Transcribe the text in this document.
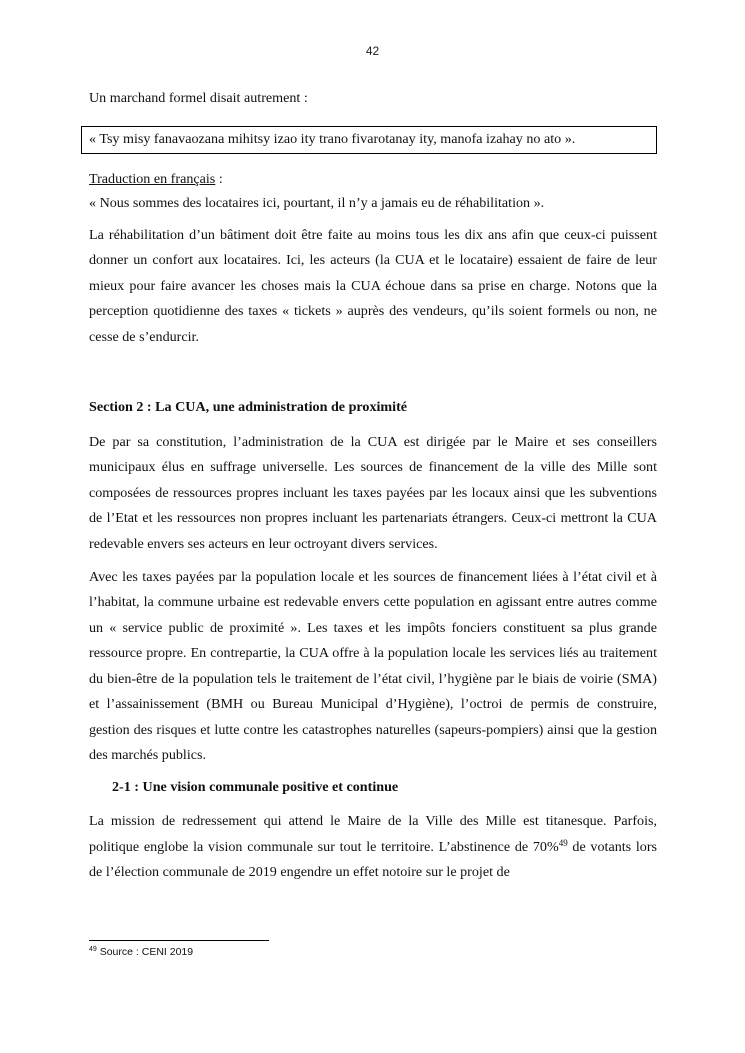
42

Un marchand formel disait autrement :

« Tsy misy fanavaozana mihitsy izao ity trano fivarotanay ity, manofa izahay no ato ».

Traduction en français :

« Nous sommes des locataires ici, pourtant, il n’y a jamais eu de réhabilitation ».

La réhabilitation d’un bâtiment doit être faite au moins tous les dix ans afin que ceux-ci puissent donner un confort aux locataires. Ici, les acteurs (la CUA et le locataire) essaient de faire de leur mieux pour faire avancer les choses mais la CUA échoue dans sa prise en charge. Notons que la perception quotidienne des taxes « tickets » auprès des vendeurs, qu’ils soient formels ou non, ne cesse de s’endurcir.

Section 2 : La CUA, une administration de proximité

De par sa constitution, l’administration de la CUA est dirigée par le Maire et ses conseillers municipaux élus en suffrage universelle. Les sources de financement de la ville des Mille sont composées de ressources propres incluant les taxes payées par les locaux ainsi que les subventions de l’Etat et les ressources non propres incluant les partenariats étrangers. Ceux-ci mettront la CUA redevable envers ses acteurs en leur octroyant divers services.

Avec les taxes payées par la population locale et les sources de financement liées à l’état civil et à l’habitat, la commune urbaine est redevable envers cette population en agissant entre autres comme un « service public de proximité ». Les taxes et les impôts fonciers constituent sa plus grande ressource propre. En contrepartie, la CUA offre à la population locale les services liés au traitement du bien-être de la population tels le traitement de l’état civil, l’hygiène par le biais de voirie (SMA) et l’assainissement (BMH ou Bureau Municipal d’Hygiène), l’octroi de permis de construire, gestion des risques et lutte contre les catastrophes naturelles (sapeurs-pompiers) ainsi que la gestion des marchés publics.

2-1 : Une vision communale positive et continue

La mission de redressement qui attend le Maire de la Ville des Mille est titanesque. Parfois, politique englobe la vision communale sur tout le territoire. L’abstinence de 70%$^{49}$ de votants lors de l’élection communale de 2019 engendre un effet notoire sur le projet de

$^{49}$ Source : CENI 2019
